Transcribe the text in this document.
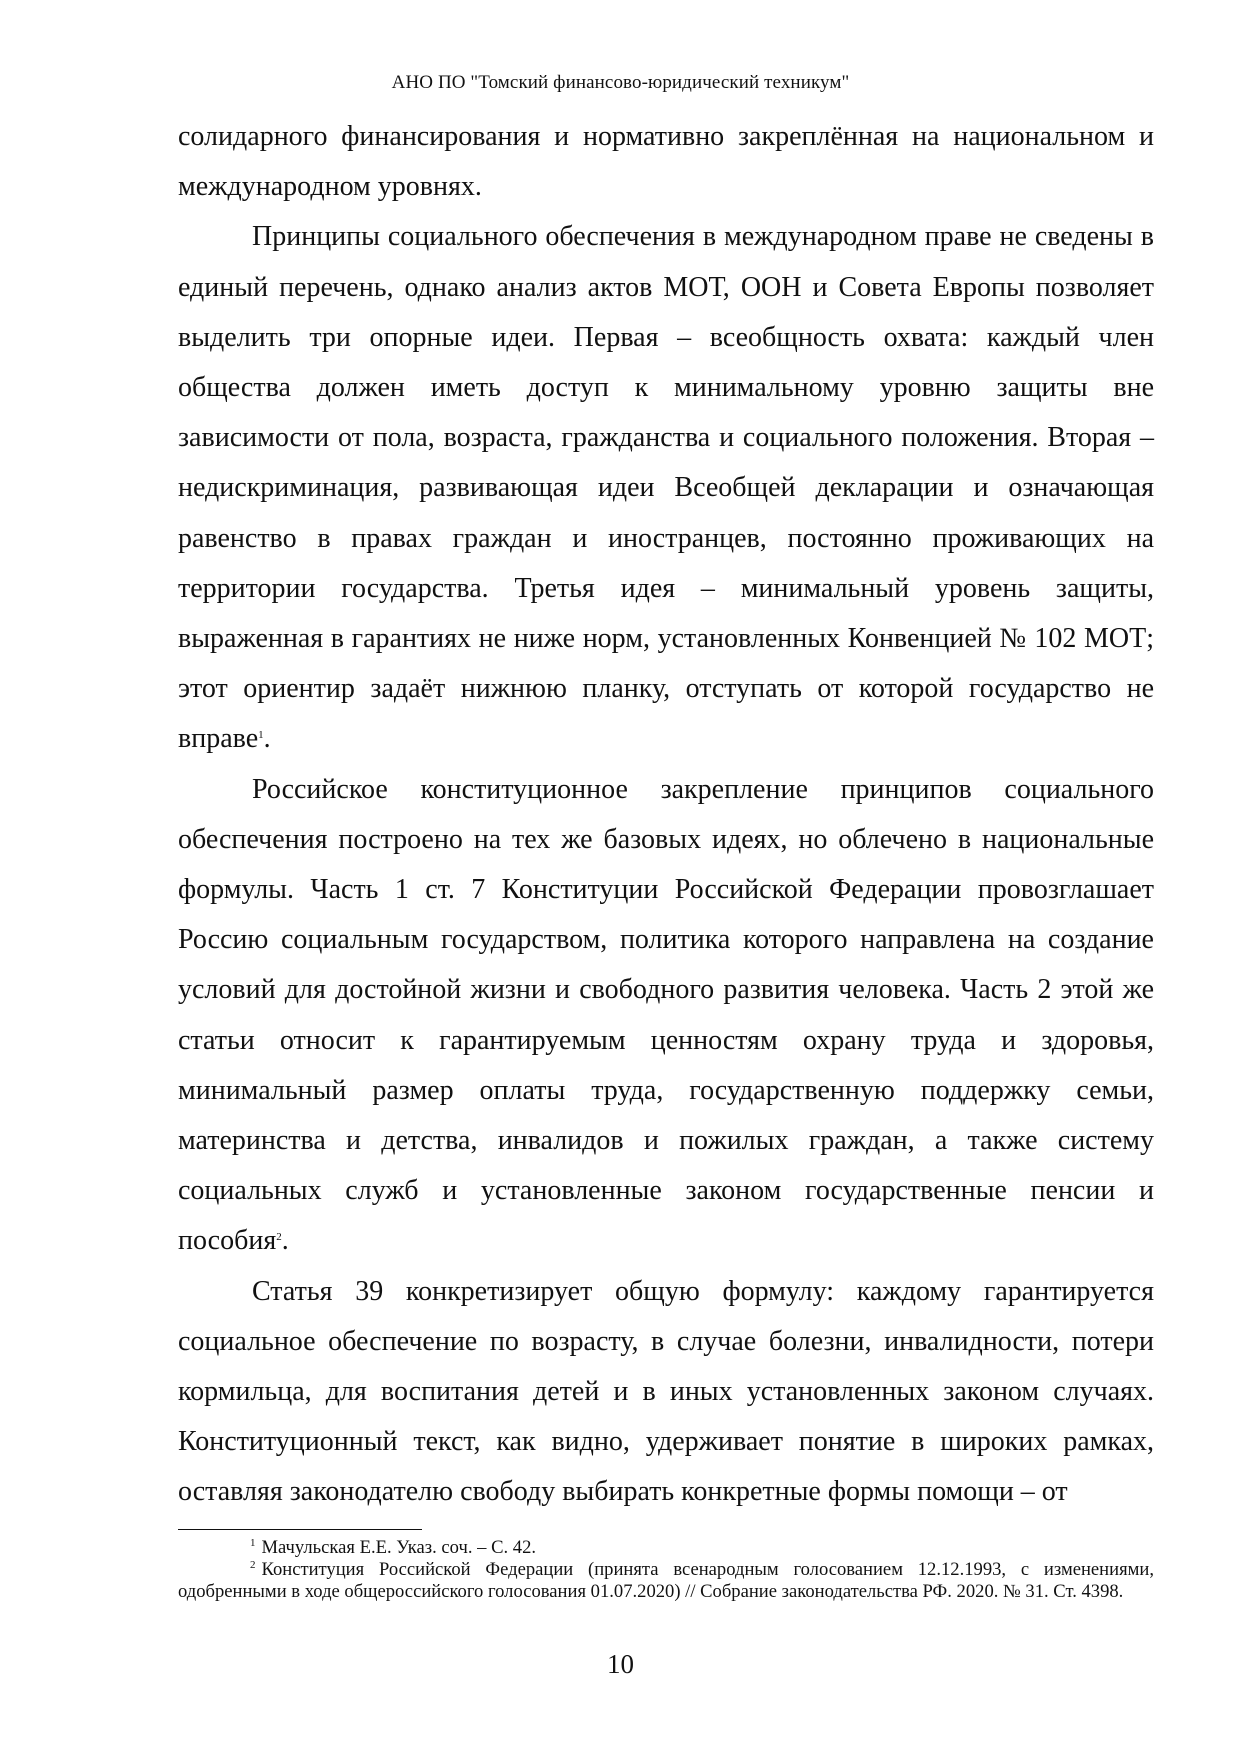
АНО ПО "Томский финансово-юридический техникум"

солидарного финансирования и нормативно закреплённая на национальном и международном уровнях.

Принципы социального обеспечения в международном праве не сведены в единый перечень, однако анализ актов МОТ, ООН и Совета Европы позволяет выделить три опорные идеи. Первая – всеобщность охвата: каждый член общества должен иметь доступ к минимальному уровню защиты вне зависимости от пола, возраста, гражданства и социального положения. Вторая – недискриминация, развивающая идеи Всеобщей декларации и означающая равенство в правах граждан и иностранцев, постоянно проживающих на территории государства. Третья идея – минимальный уровень защиты, выраженная в гарантиях не ниже норм, установленных Конвенцией № 102 МОТ; этот ориентир задаёт нижнюю планку, отступать от которой государство не вправе$^1$.

Российское конституционное закрепление принципов социального обеспечения построено на тех же базовых идеях, но облечено в национальные формулы. Часть 1 ст. 7 Конституции Российской Федерации провозглашает Россию социальным государством, политика которого направлена на создание условий для достойной жизни и свободного развития человека. Часть 2 этой же статьи относит к гарантируемым ценностям охрану труда и здоровья, минимальный размер оплаты труда, государственную поддержку семьи, материнства и детства, инвалидов и пожилых граждан, а также систему социальных служб и установленные законом государственные пенсии и пособия$^2$.

Статья 39 конкретизирует общую формулу: каждому гарантируется социальное обеспечение по возрасту, в случае болезни, инвалидности, потери кормильца, для воспитания детей и в иных установленных законом случаях. Конституционный текст, как видно, удерживает понятие в широких рамках, оставляя законодателю свободу выбирать конкретные формы помощи – от

$^1$ Мачульская Е.Е. Указ. соч. – С. 42.

$^2$ Конституция Российской Федерации (принята всенародным голосованием 12.12.1993, с изменениями, одобренными в ходе общероссийского голосования 01.07.2020) // Собрание законодательства РФ. 2020. № 31. Ст. 4398.

10
